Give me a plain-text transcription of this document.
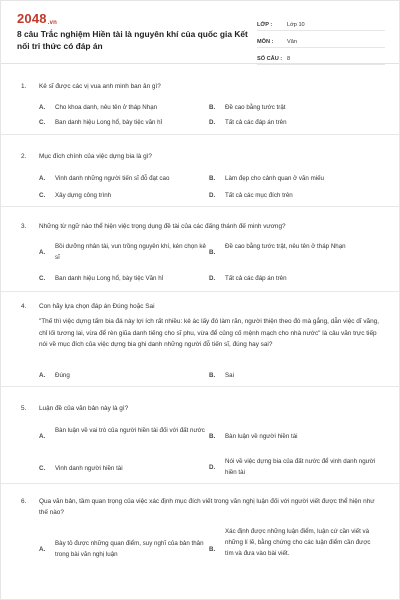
2048.vn
8 câu Trắc nghiệm Hiền tài là nguyên khí của quốc gia Kết nối tri thức có đáp án
LỚP :	Lớp 10
MÔN :	Văn
SỐ CÂU : 8
1. Kẻ sĩ được các vị vua anh minh ban ân gì?
A. Cho khoa danh, nêu tên ở tháp Nhạn	B. Đề cao bằng tước trật
C. Ban danh hiệu Long hổ, bày tiệc văn hỉ	D. Tất cả các đáp án trên
2. Mục đích chính của việc dựng bia là gì?
A. Vinh danh những người tiến sĩ đỗ đạt cao	B. Làm đẹp cho cảnh quan ở văn miếu
C. Xây dựng công trình	D. Tất cả các mục đích trên
3. Những từ ngữ nào thể hiện việc trọng dụng đề tài của các đấng thánh đế minh vương?
A.
Bồi dưỡng nhân tài, vun trồng nguyên khí, kén chọn kẻ sĩ
B.
Đề cao bằng tước trật, nêu tên ở tháp Nhạn
C. Ban danh hiệu Long hổ, bày tiệc Văn hỉ	D. Tất cả các đáp án trên
4. Con hãy lựa chọn đáp án Đúng hoặc Sai
"Thế thì việc dựng tấm bia đá này lợi ích rất nhiều: kẻ ác lấy đó làm răn, người thiện theo đó mà gắng, dẫn việc dĩ vãng, chỉ lối tương lai, vừa để rèn giũa danh tiếng cho sĩ phu, vừa để củng cố mệnh mạch cho nhà nước" là câu văn trực tiếp nói về mục đích của việc dựng bia ghi danh những người đỗ tiến sĩ, đúng hay sai?
A. Đúng	B. Sai
5. Luận đề của văn bản này là gì?
A.
Bàn luận về vai trò của người hiền tài đối với đất nước
B. Bàn luận về người hiền tài
C. Vinh danh người hiền tài	D.
Nói về việc dựng bia của đất nước để vinh danh người hiền tài
6. Qua văn bản, tầm quan trọng của việc xác định mục đích viết trong văn nghị luận đối với người viết được thể hiện như thế nào?
A.
Bày tỏ được những quan điểm, suy nghĩ của bản thân trong bài văn nghị luận
B.
Xác định được những luận điểm, luận cứ cần viết và những lí lẽ, bằng chứng cho các luận điểm cần được tìm và đưa vào bài viết.
